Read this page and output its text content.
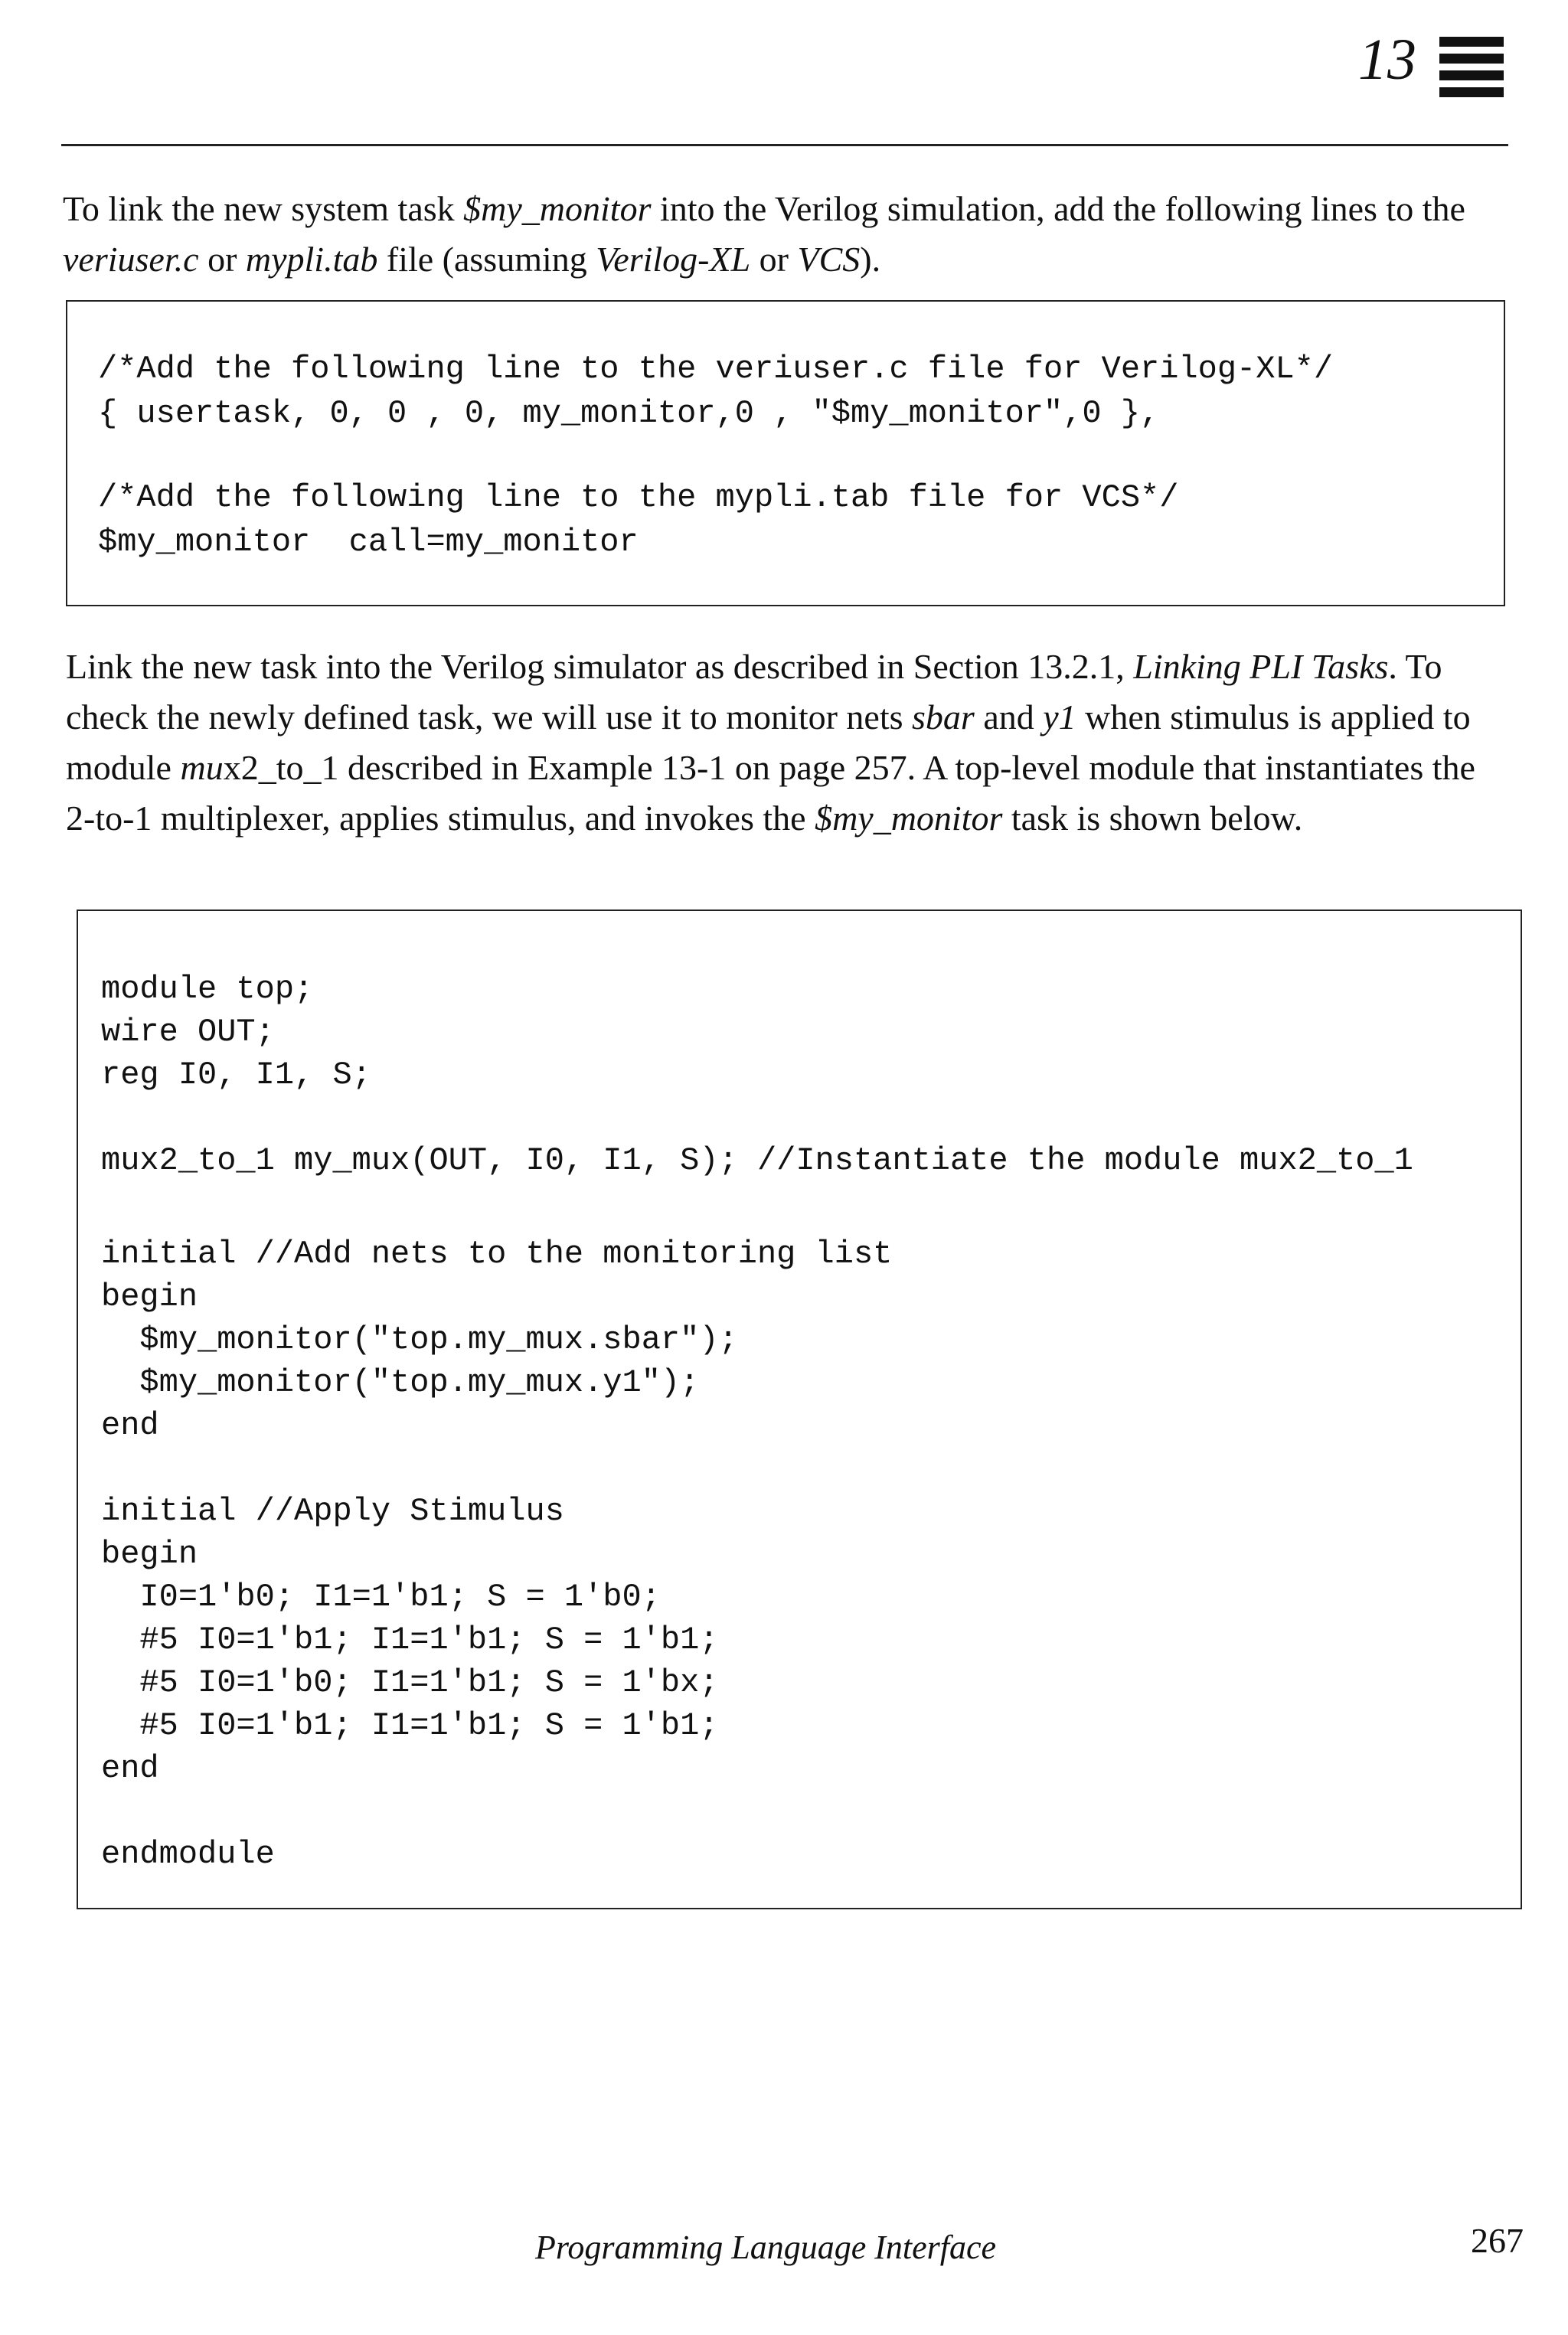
13

To link the new system task $my_monitor into the Verilog simulation, add the following lines to the veriuser.c or mypli.tab file (assuming Verilog-XL or VCS).

/*Add the following line to the veriuser.c file for Verilog-XL*/
{ usertask, 0, 0 , 0, my_monitor,0 , "$my_monitor",0 },
/*Add the following line to the mypli.tab file for VCS*/
$my_monitor  call=my_monitor

Link the new task into the Verilog simulator as described in Section 13.2.1, Linking PLI Tasks. To check the newly defined task, we will use it to monitor nets sbar and y1 when stimulus is applied to module mux2_to_1 described in Example 13-1 on page 257. A top-level module that instantiates the 2-to-1 multiplexer, applies stimulus, and invokes the $my_monitor task is shown below.

module top;
wire OUT;
reg I0, I1, S;
mux2_to_1 my_mux(OUT, I0, I1, S); //Instantiate the module mux2_to_1
initial //Add nets to the monitoring list
begin
$my_monitor("top.my_mux.sbar");
$my_monitor("top.my_mux.y1");
end
initial //Apply Stimulus
begin
I0=1'b0; I1=1'b1; S = 1'b0;
#5 I0=1'b1; I1=1'b1; S = 1'b1;
#5 I0=1'b0; I1=1'b1; S = 1'bx;
#5 I0=1'b1; I1=1'b1; S = 1'b1;
end
endmodule
Programming Language Interface	267
